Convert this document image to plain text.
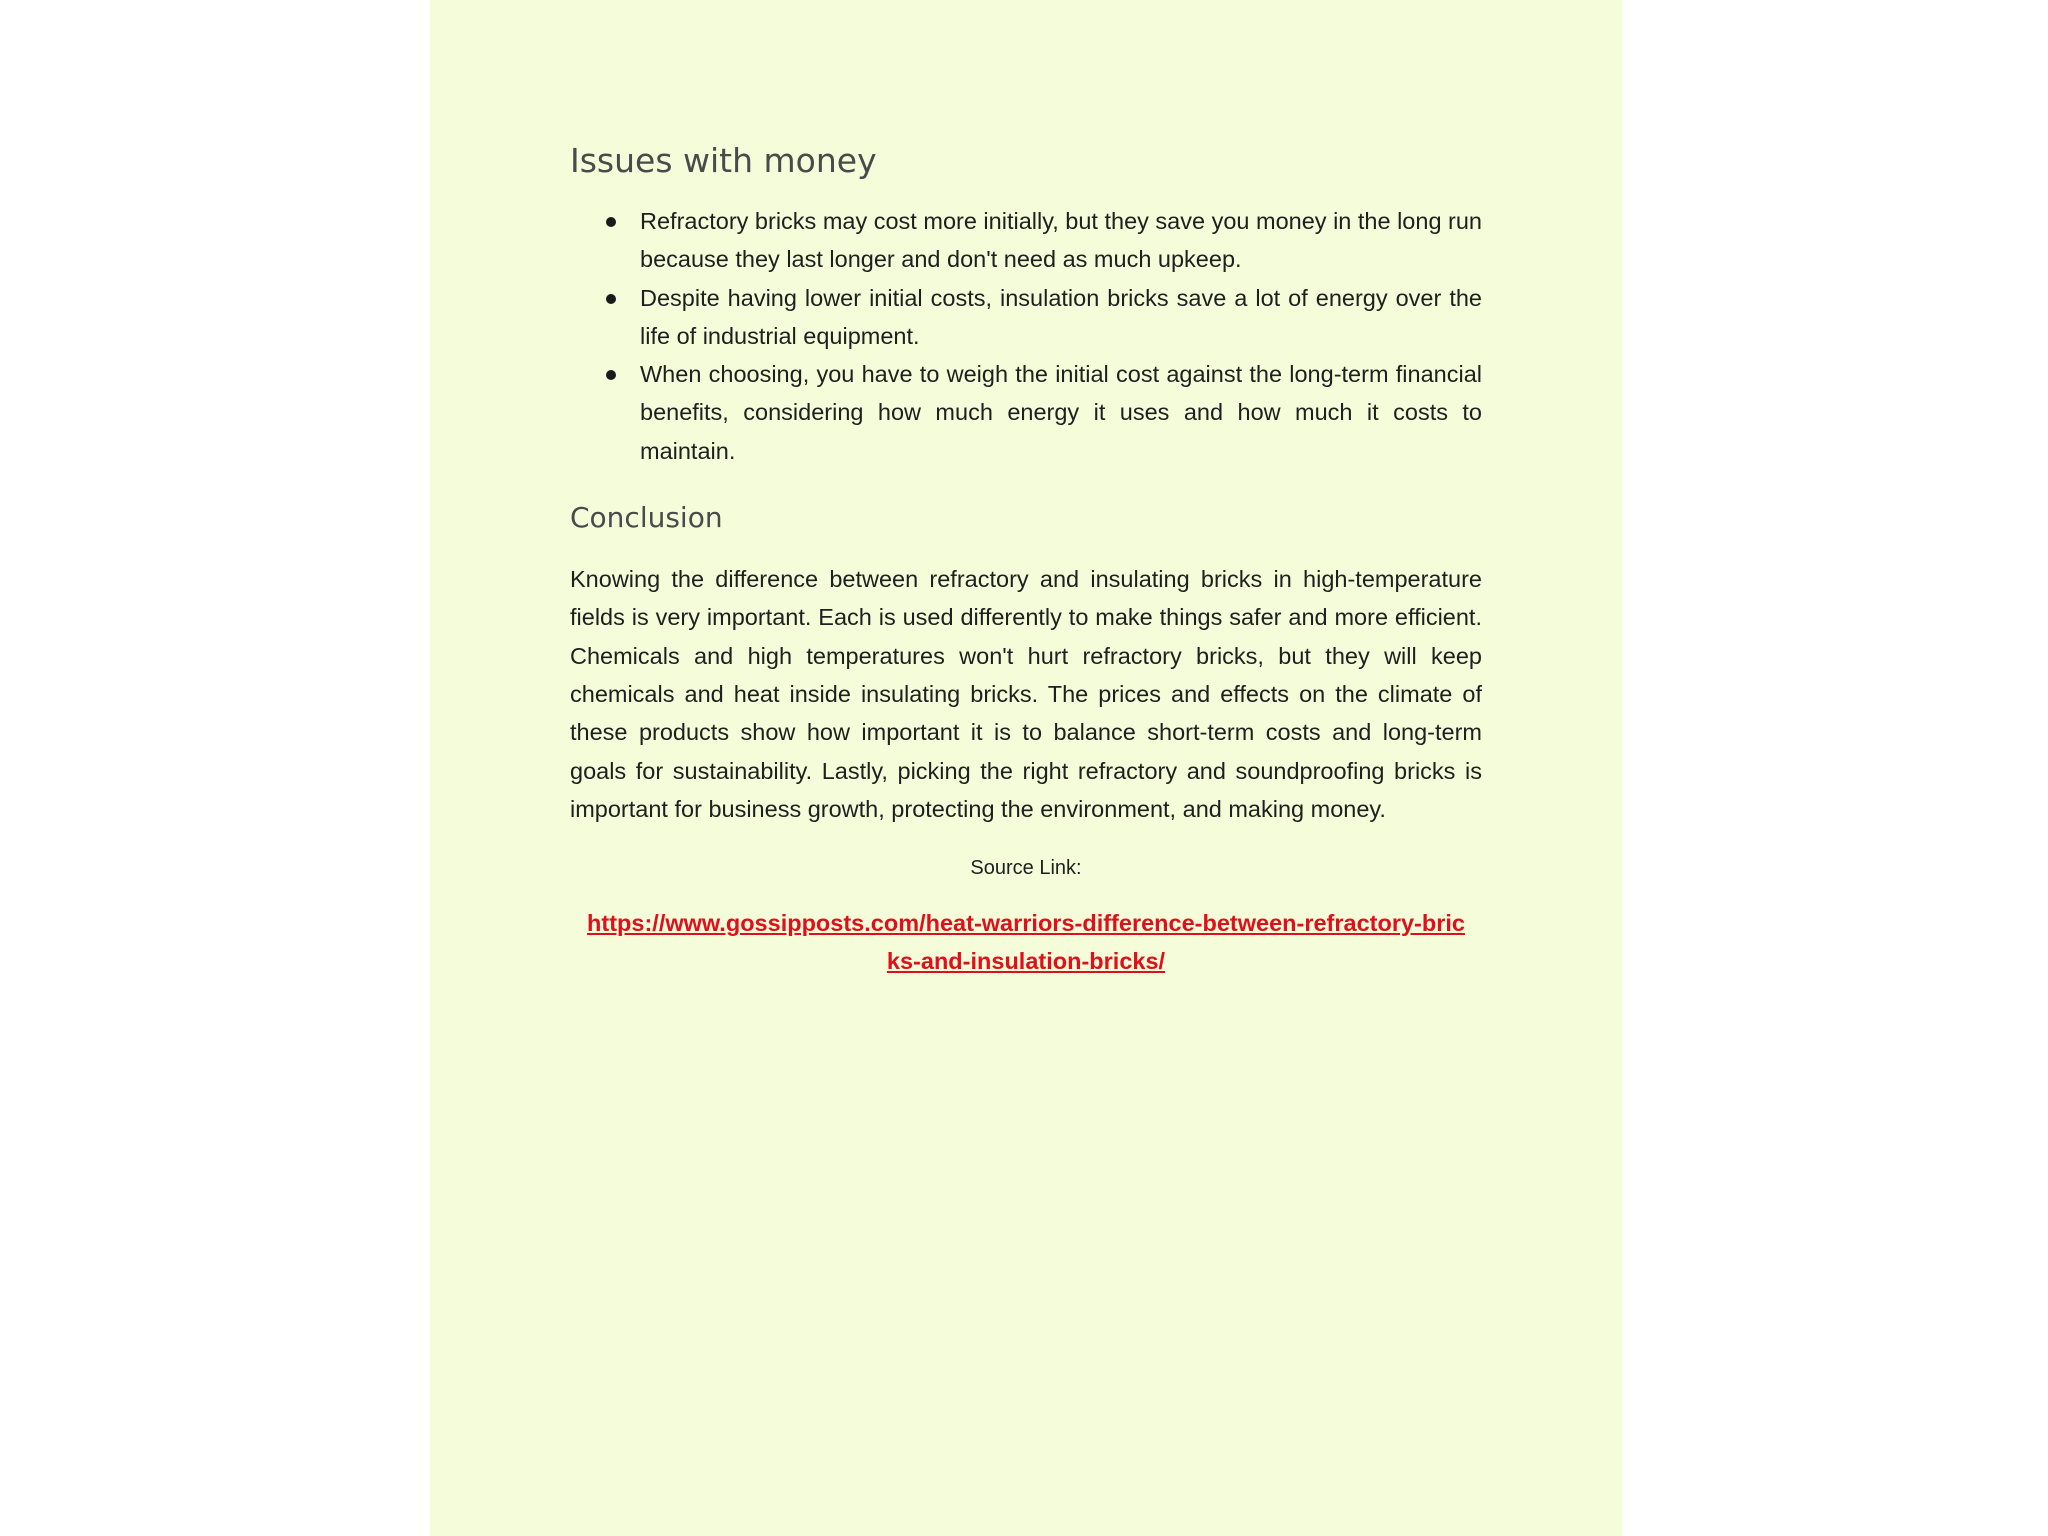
Issues with money
Refractory bricks may cost more initially, but they save you money in the long run because they last longer and don't need as much upkeep.
Despite having lower initial costs, insulation bricks save a lot of energy over the life of industrial equipment.
When choosing, you have to weigh the initial cost against the long-term financial benefits, considering how much energy it uses and how much it costs to maintain.
Conclusion

Knowing the difference between refractory and insulating bricks in high-temperature fields is very important. Each is used differently to make things safer and more efficient. Chemicals and high temperatures won't hurt refractory bricks, but they will keep chemicals and heat inside insulating bricks. The prices and effects on the climate of these products show how important it is to balance short-term costs and long-term goals for sustainability. Lastly, picking the right refractory and soundproofing bricks is important for business growth, protecting the environment, and making money.

Source Link:
https://www.gossipposts.com/heat-warriors-difference-between-refractory-bricks-and-insulation-bricks/
